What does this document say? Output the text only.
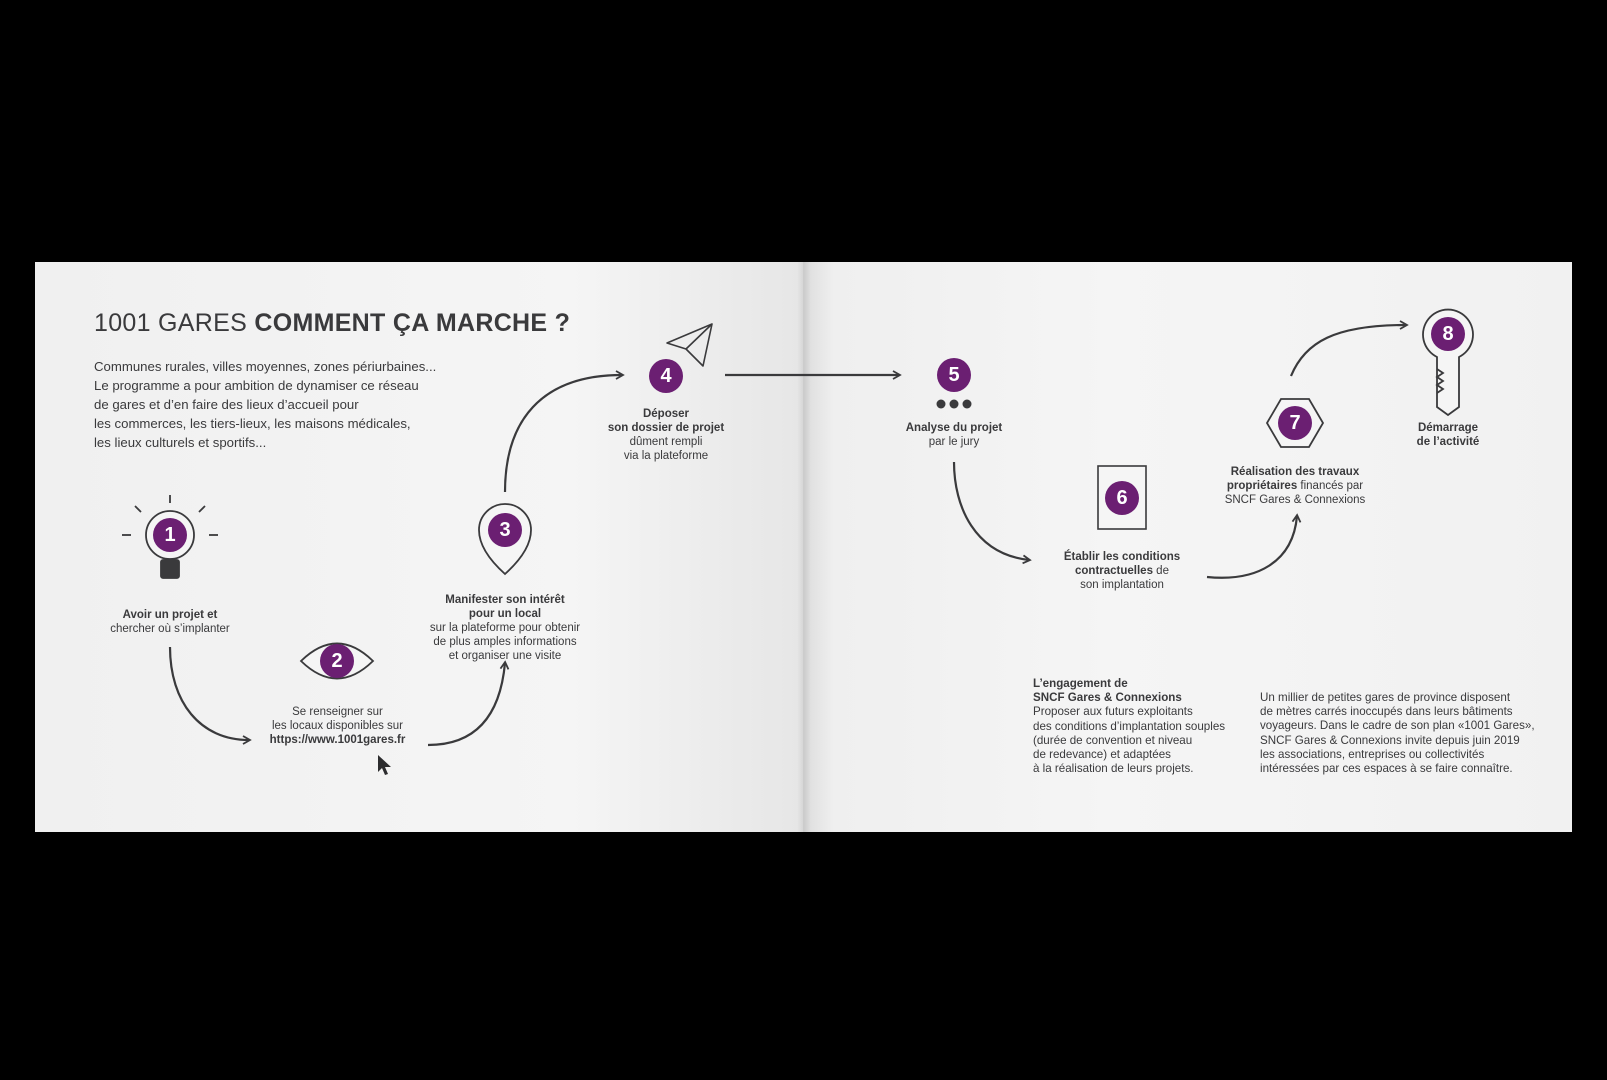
1001 GARES COMMENT ÇA MARCHE ?
Communes rurales, villes moyennes, zones périurbaines...
Le programme a pour ambition de dynamiser ce réseau
de gares et d’en faire des lieux d’accueil pour
les commerces, les tiers-lieux, les maisons médicales,
les lieux culturels et sportifs...
1
2
3
4	5
6
7
8
Avoir un projet et
chercher où s’implanter
Se renseigner sur
les locaux disponibles sur
https://www.1001gares.fr
Manifester son intérêt
pour un local
sur la plateforme pour obtenir
de plus amples informations
et organiser une visite
Déposer
son dossier de projet
dûment rempli
via la plateforme
Analyse du projet
par le jury
Établir les conditions
contractuelles de
son implantation
Réalisation des travaux
propriétaires financés par
SNCF Gares & Connexions
Démarrage
de l’activité
L’engagement de
SNCF Gares & Connexions
Proposer aux futurs exploitants
des conditions d’implantation souples
(durée de convention et niveau
de redevance) et adaptées
à la réalisation de leurs projets.
Un millier de petites gares de province disposent
de mètres carrés inoccupés dans leurs bâtiments
voyageurs. Dans le cadre de son plan «1001 Gares»,
SNCF Gares & Connexions invite depuis juin 2019
les associations, entreprises ou collectivités
intéressées par ces espaces à se faire connaître.
